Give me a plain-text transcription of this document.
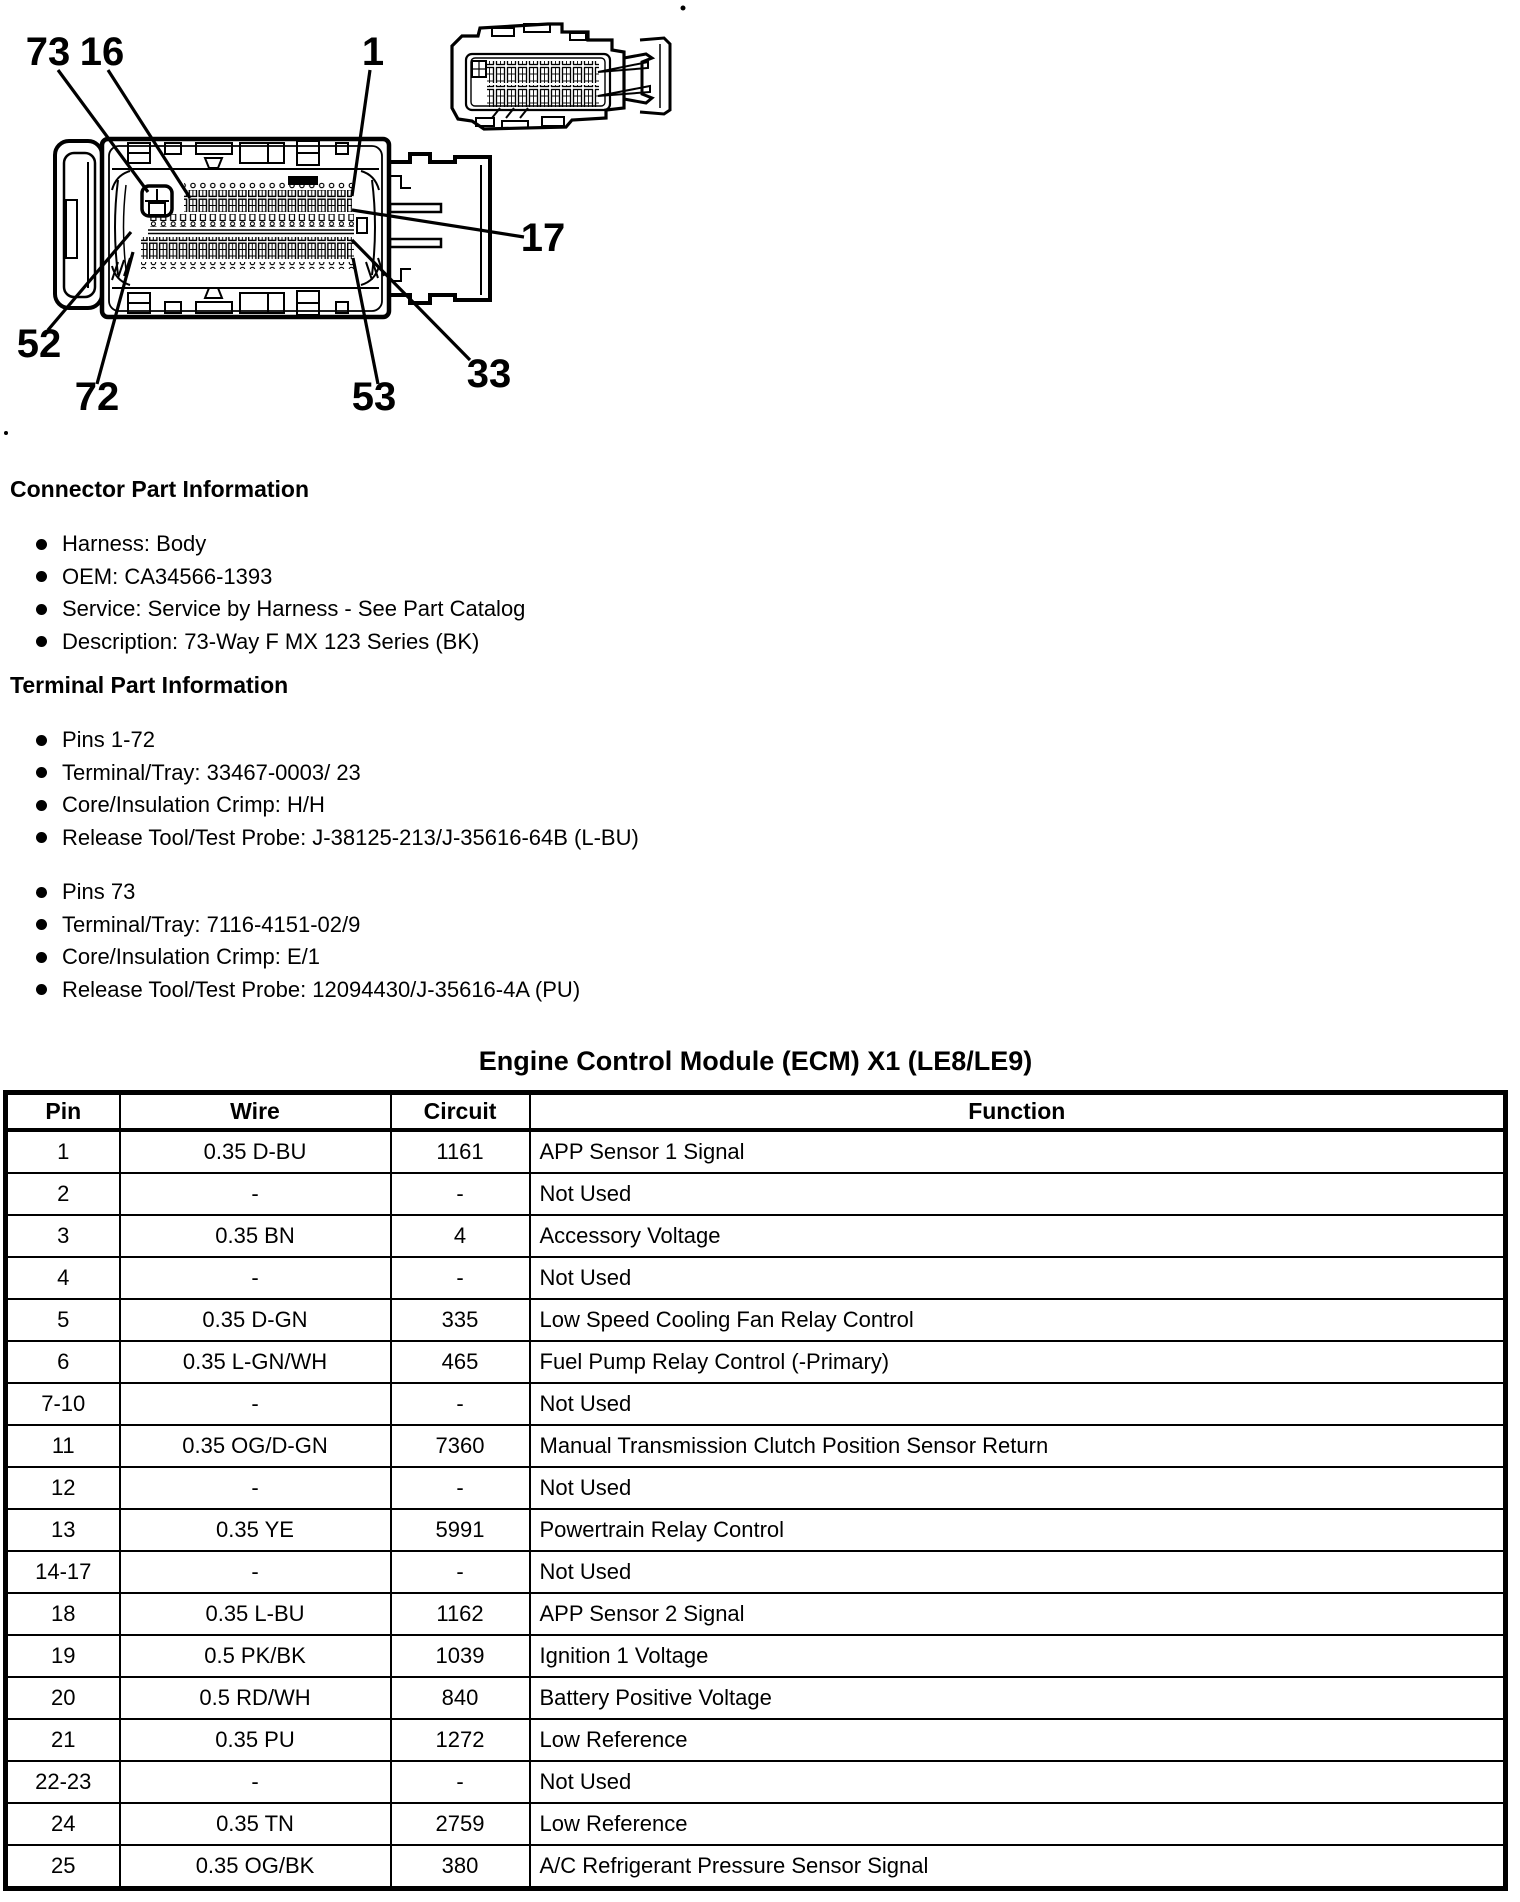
73 16	1
17
33
53
72
52
Connector Part Information
Harness: Body
OEM: CA34566-1393
Service: Service by Harness - See Part Catalog
Description: 73-Way F MX 123 Series (BK)
Terminal Part Information
Pins 1-72
Terminal/Tray: 33467-0003/ 23
Core/Insulation Crimp: H/H
Release Tool/Test Probe: J-38125-213/J-35616-64B (L-BU)
Pins 73
Terminal/Tray: 7116-4151-02/9
Core/Insulation Crimp: E/1
Release Tool/Test Probe: 12094430/J-35616-4A (PU)
Engine Control Module (ECM) X1 (LE8/LE9)
Pin	Wire	Circuit	Function
1	0.35 D-BU	1161	APP Sensor 1 Signal
2	-	-	Not Used
3	0.35 BN	4	Accessory Voltage
4	-	-	Not Used
5	0.35 D-GN	335	Low Speed Cooling Fan Relay Control
6	0.35 L-GN/WH	465	Fuel Pump Relay Control (-Primary)
7-10	-	-	Not Used
11	0.35 OG/D-GN	7360	Manual Transmission Clutch Position Sensor Return
12	-	-	Not Used
13	0.35 YE	5991	Powertrain Relay Control
14-17	-	-	Not Used
18	0.35 L-BU	1162	APP Sensor 2 Signal
19	0.5 PK/BK	1039	Ignition 1 Voltage
20	0.5 RD/WH	840	Battery Positive Voltage
21	0.35 PU	1272	Low Reference
22-23	-	-	Not Used
24	0.35 TN	2759	Low Reference
25	0.35 OG/BK	380	A/C Refrigerant Pressure Sensor Signal
